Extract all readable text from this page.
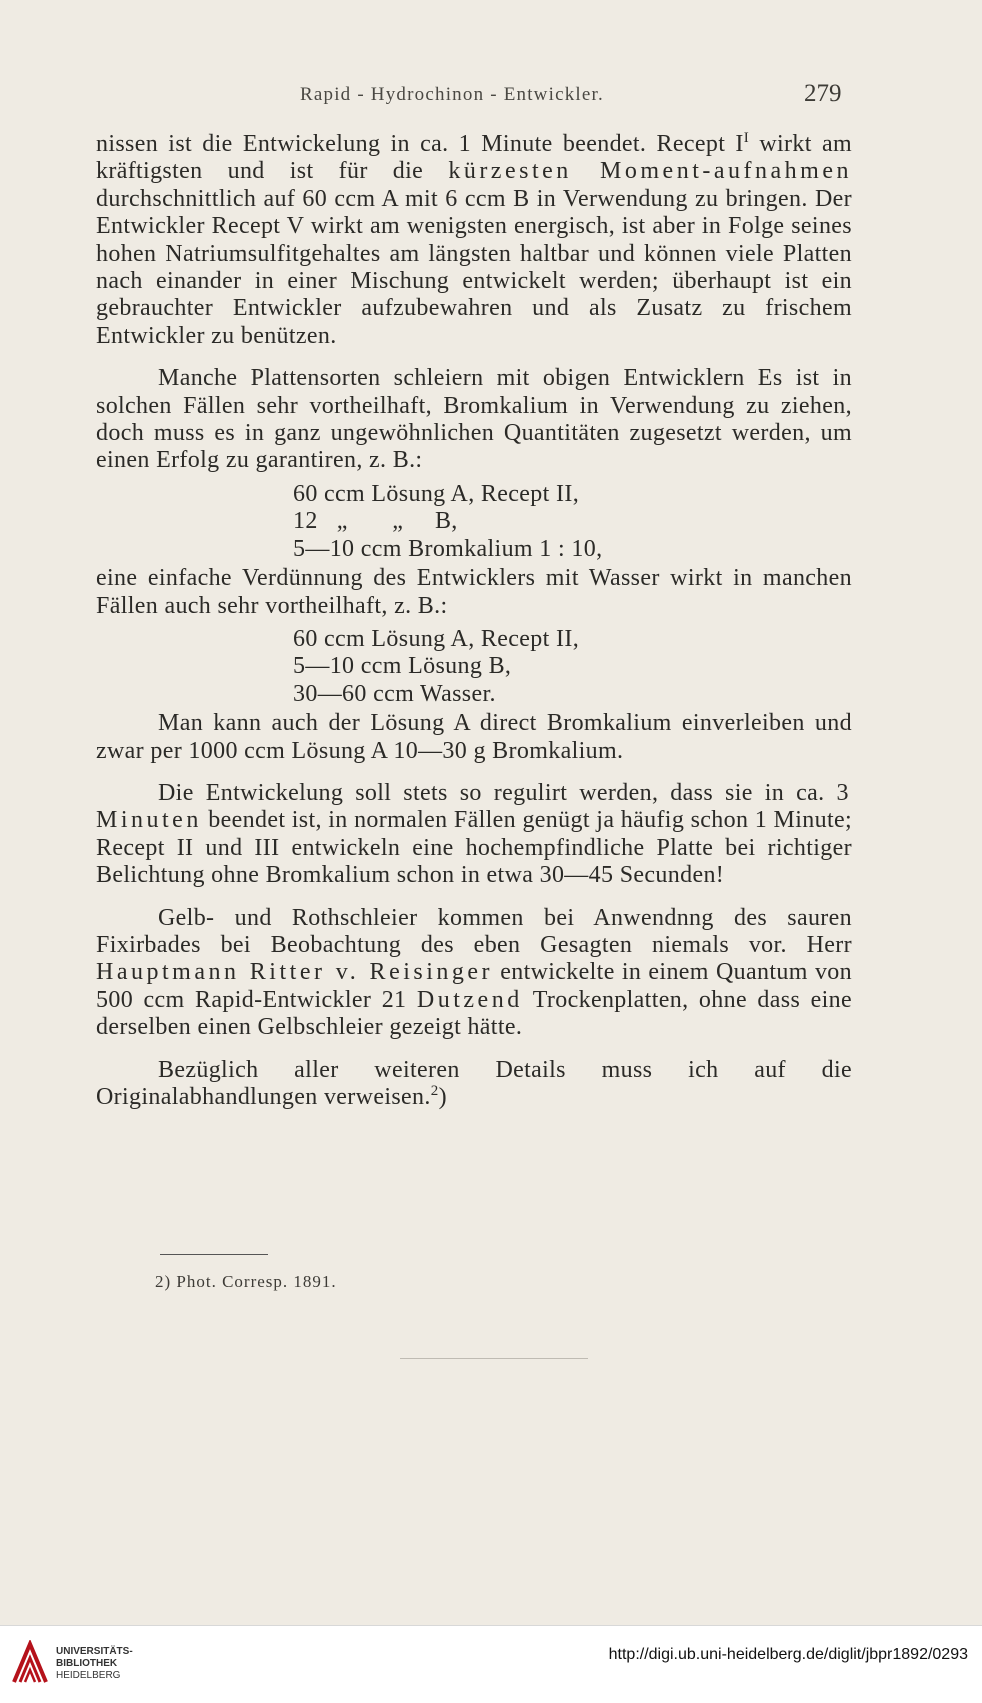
Rapid - Hydrochinon - Entwickler.	279

nissen ist die Entwickelung in ca. 1 Minute beendet. Recept $I^I$ wirkt am kräftigsten und ist für die kürzesten Moment-aufnahmen durchschnittlich auf 60 ccm A mit 6 ccm B in Verwendung zu bringen. Der Entwickler Recept V wirkt am wenigsten energisch, ist aber in Folge seines hohen Natriumsulfitgehaltes am längsten haltbar und können viele Platten nach einander in einer Mischung entwickelt werden; überhaupt ist ein gebrauchter Entwickler aufzubewahren und als Zusatz zu frischem Entwickler zu benützen.

Manche Plattensorten schleiern mit obigen Entwicklern Es ist in solchen Fällen sehr vortheilhaft, Bromkalium in Verwendung zu ziehen, doch muss es in ganz ungewöhnlichen Quantitäten zugesetzt werden, um einen Erfolg zu garantiren, z. B.:

60 ccm Lösung A, Recept II,
12   „       „     B,
5—10 ccm Bromkalium 1 : 10,

eine einfache Verdünnung des Entwicklers mit Wasser wirkt in manchen Fällen auch sehr vortheilhaft, z. B.:

60 ccm Lösung A, Recept II,
5—10 ccm Lösung B,
30—60 ccm Wasser.

Man kann auch der Lösung A direct Bromkalium einverleiben und zwar per 1000 ccm Lösung A 10—30 g Bromkalium.

Die Entwickelung soll stets so regulirt werden, dass sie in ca. 3 Minuten beendet ist, in normalen Fällen genügt ja häufig schon 1 Minute; Recept II und III entwickeln eine hochempfindliche Platte bei richtiger Belichtung ohne Bromkalium schon in etwa 30—45 Secunden!

Gelb- und Rothschleier kommen bei Anwendnng des sauren Fixirbades bei Beobachtung des eben Gesagten niemals vor. Herr Hauptmann Ritter v. Reisinger entwickelte in einem Quantum von 500 ccm Rapid-Entwickler 21 Dutzend Trockenplatten, ohne dass eine derselben einen Gelbschleier gezeigt hätte.

Bezüglich aller weiteren Details muss ich auf die Originalabhandlungen verweisen.$^2$)

2) Phot. Corresp. 1891.
UNIVERSITÄTS-
BIBLIOTHEK
HEIDELBERG
http://digi.ub.uni-heidelberg.de/diglit/jbpr1892/0293
